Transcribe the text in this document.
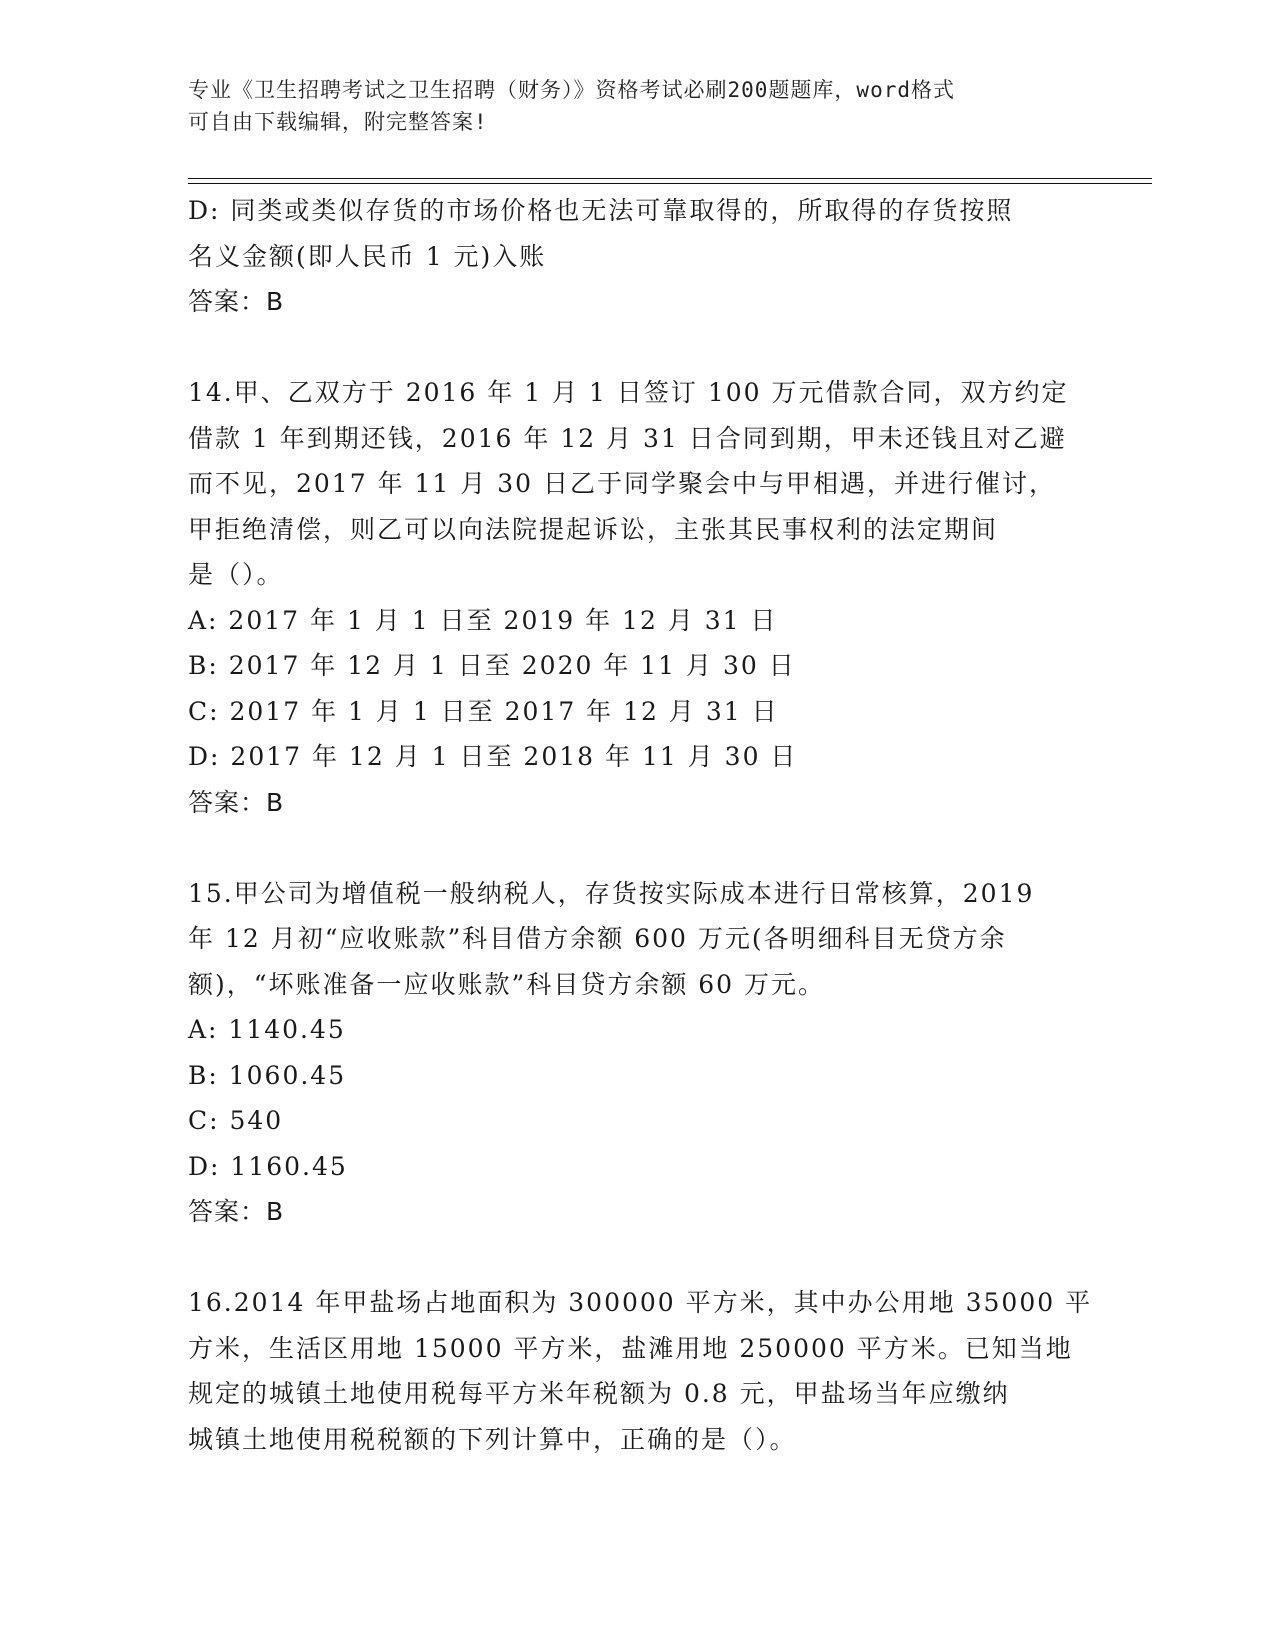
专业《卫生招聘考试之卫生招聘（财务）》资格考试必刷200题题库，word格式
可自由下载编辑，附完整答案!
D: 同类或类似存货的市场价格也无法可靠取得的，所取得的存货按照
名义金额(即人民币 1 元)入账
答案：B
14.甲、乙双方于 2016 年 1 月 1 日签订 100 万元借款合同，双方约定
借款 1 年到期还钱，2016 年 12 月 31 日合同到期，甲未还钱且对乙避
而不见，2017 年 11 月 30 日乙于同学聚会中与甲相遇，并进行催讨，
甲拒绝清偿，则乙可以向法院提起诉讼，主张其民事权利的法定期间
是（）。
A: 2017 年 1 月 1 日至 2019 年 12 月 31 日
B: 2017 年 12 月 1 日至 2020 年 11 月 30 日
C: 2017 年 1 月 1 日至 2017 年 12 月 31 日
D: 2017 年 12 月 1 日至 2018 年 11 月 30 日
答案：B
15.甲公司为增值税一般纳税人，存货按实际成本进行日常核算，2019
年 12 月初“应收账款”科目借方余额 600 万元(各明细科目无贷方余
额)，“坏账准备一应收账款”科目贷方余额 60 万元。
A: 1140.45
B: 1060.45
C: 540
D: 1160.45
答案：B
16.2014 年甲盐场占地面积为 300000 平方米，其中办公用地 35000 平
方米，生活区用地 15000 平方米，盐滩用地 250000 平方米。已知当地
规定的城镇土地使用税每平方米年税额为 0.8 元，甲盐场当年应缴纳
城镇土地使用税税额的下列计算中，正确的是（）。
